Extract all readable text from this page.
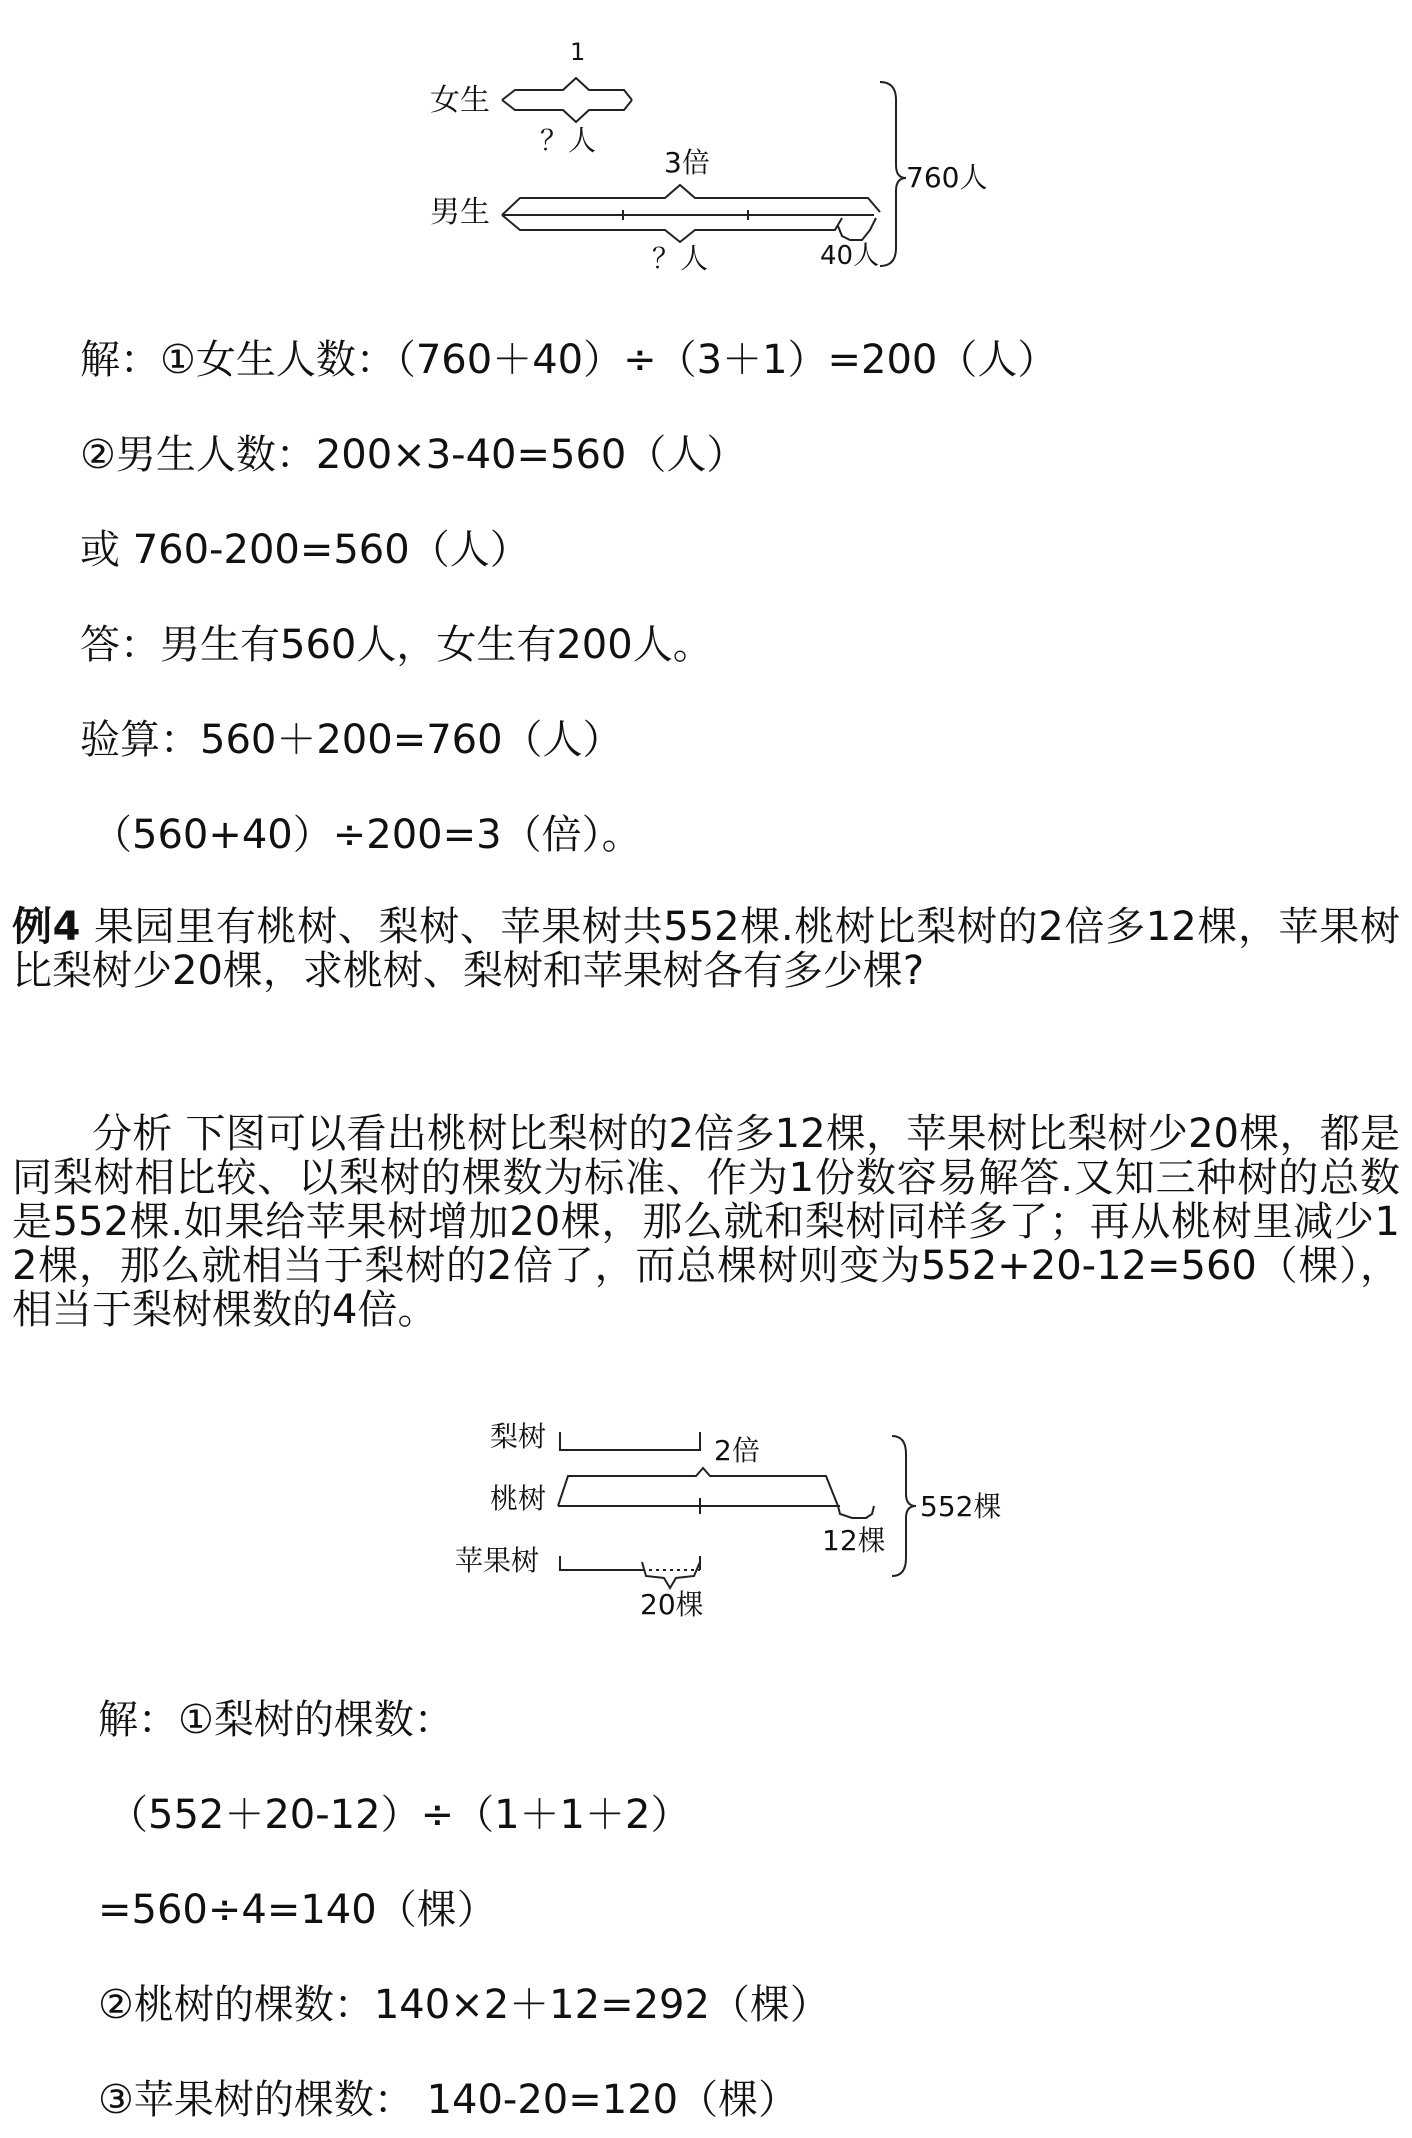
女生
1
？人
3倍
男生
？人	40人
760人
解：①女生人数：（760＋40）÷（3＋1）=200（人）
②男生人数：200×3-40=560（人）
或 760-200=560（人）
答：男生有560人，女生有200人。
验算：560＋200=760（人）
（560+40）÷200=3（倍）。
例4 果园里有桃树、梨树、苹果树共552棵.桃树比梨树的2倍多12棵，苹果树比梨树少20棵，求桃树、梨树和苹果树各有多少棵?
分析 下图可以看出桃树比梨树的2倍多12棵，苹果树比梨树少20棵，都是同梨树相比较、以梨树的棵数为标准、作为1份数容易解答.又知三种树的总数是552棵.如果给苹果树增加20棵，那么就和梨树同样多了；再从桃树里减少12棵，那么就相当于梨树的2倍了，而总棵树则变为552+20-12=560（棵），相当于梨树棵数的4倍。
梨树	2倍
桃树
12棵
苹果树
20棵
552棵
解：①梨树的棵数：
（552＋20-12）÷（1＋1＋2）
=560÷4=140（棵）
②桃树的棵数：140×2＋12=292（棵）
③苹果树的棵数： 140-20=120（棵）
